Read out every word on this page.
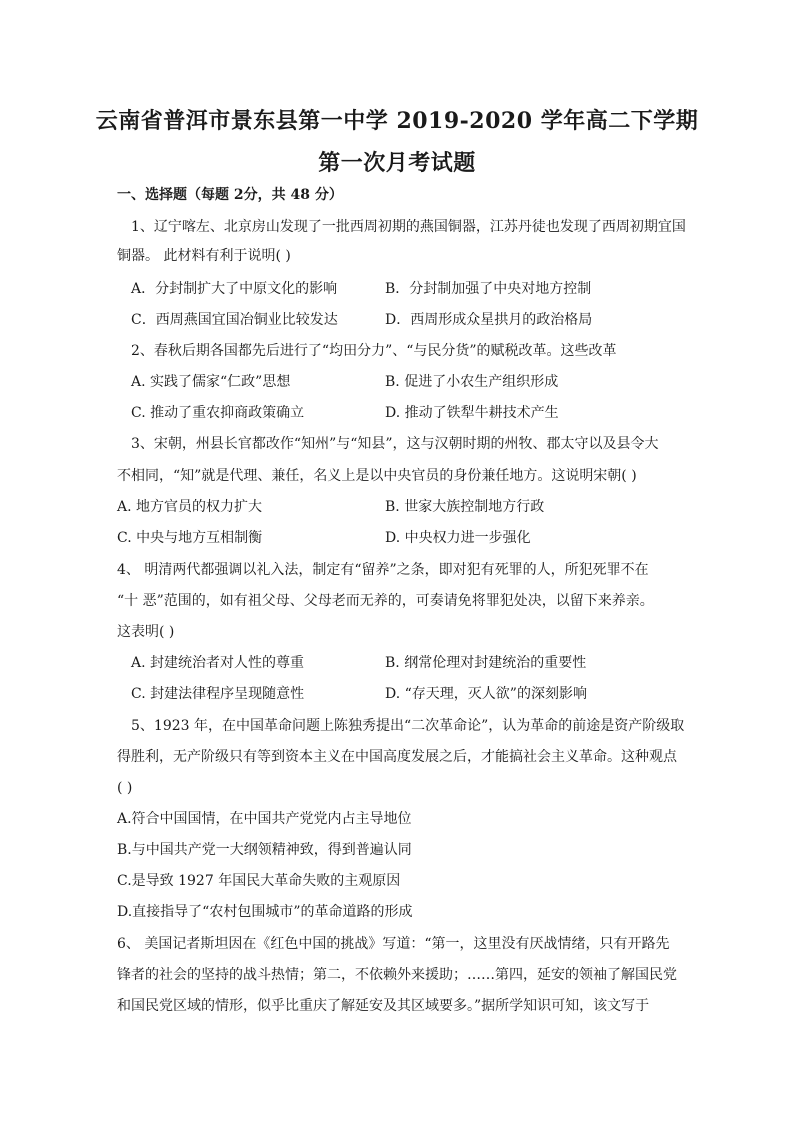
云南省普洱市景东县第一中学 2019-2020 学年高二下学期
第一次月考试题
一、选择题（每题 2分，共 48 分）
1、辽宁喀左、北京房山发现了一批西周初期的燕国铜器，江苏丹徒也发现了西周初期宜国
铜器。 此材料有利于说明( )
A．分封制扩大了中原文化的影响	B．分封制加强了中央对地方控制
C．西周燕国宜国冶铜业比较发达	D．西周形成众星拱月的政治格局
2、春秋后期各国都先后进行了“均田分力”、“与民分货”的赋税改革。这些改革
A. 实践了儒家“仁政”思想	B. 促进了小农生产组织形成
C. 推动了重农抑商政策确立	D. 推动了铁犁牛耕技术产生
3、宋朝，州县长官都改作“知州”与“知县”，这与汉朝时期的州牧、郡太守以及县令大
不相同，“知”就是代理、兼任，名义上是以中央官员的身份兼任地方。这说明宋朝( )
A. 地方官员的权力扩大	B. 世家大族控制地方行政
C. 中央与地方互相制衡	D. 中央权力进一步强化
4、 明清两代都强调以礼入法，制定有“留养”之条，即对犯有死罪的人，所犯死罪不在
“十 恶”范围的，如有祖父母、父母老而无养的，可奏请免将罪犯处决，以留下来养亲。
这表明( )
A. 封建统治者对人性的尊重	B. 纲常伦理对封建统治的重要性
C. 封建法律程序呈现随意性	D. “存天理，灭人欲”的深刻影响
5、1923 年，在中国革命问题上陈独秀提出“二次革命论”，认为革命的前途是资产阶级取
得胜利，无产阶级只有等到资本主义在中国高度发展之后，才能搞社会主义革命。这种观点
( )
A.符合中国国情，在中国共产党党内占主导地位
B.与中国共产党一大纲领精神致，得到普遍认同
C.是导致 1927 年国民大革命失败的主观原因
D.直接指导了“农村包围城市”的革命道路的形成
6、 美国记者斯坦因在《红色中国的挑战》写道：“第一，这里没有厌战情绪，只有开路先
锋者的社会的坚持的战斗热情；第二，不依赖外来援助；……第四，延安的领袖了解国民党
和国民党区域的情形，似乎比重庆了解延安及其区域要多。”据所学知识可知，该文写于
